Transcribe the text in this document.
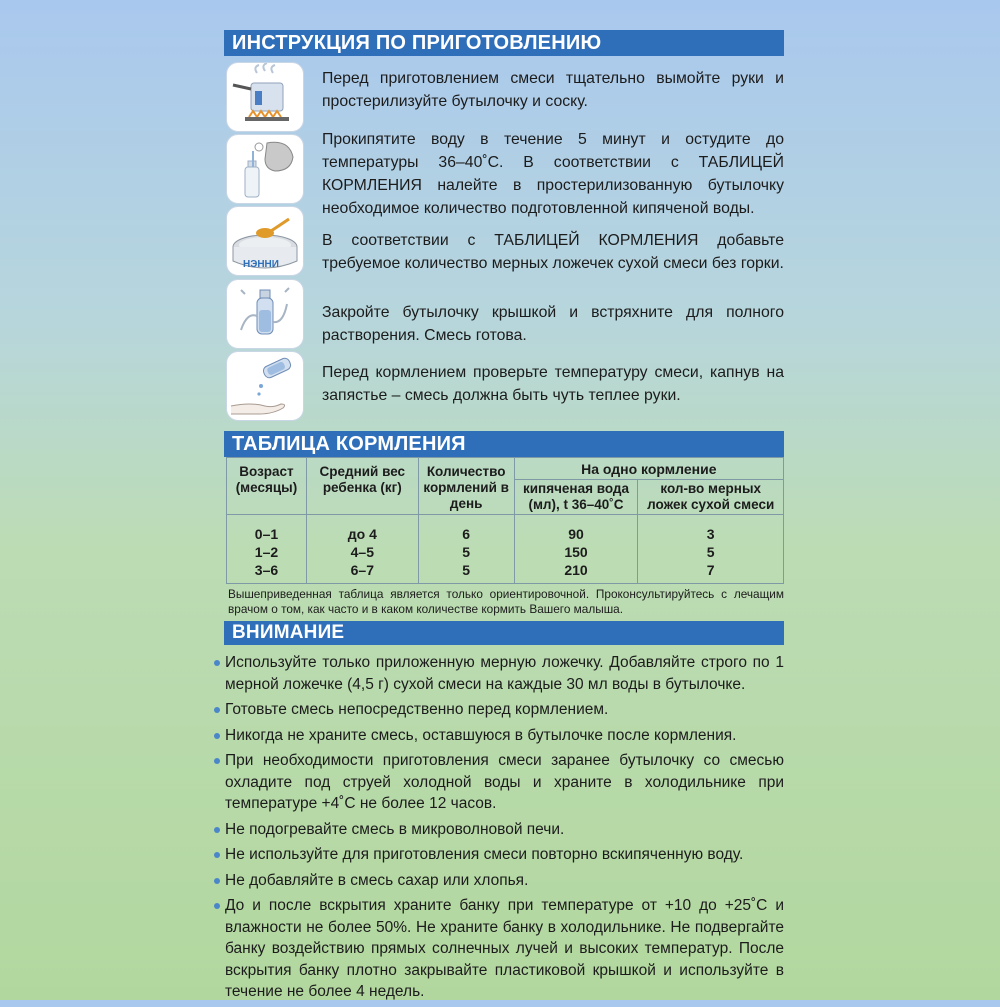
ИНСТРУКЦИЯ ПО ПРИГОТОВЛЕНИЮ
Перед приготовлением смеси тщательно вымойте руки и простерилизуйте бутылочку и соску.
Прокипятите воду в течение 5 минут и остудите до температуры 36–40˚С. В соответствии с ТАБЛИЦЕЙ КОРМЛЕНИЯ налейте в простерилизованную бутылочку необходимое количество подготовленной кипяченой воды.
НЭННИ
В соответствии с ТАБЛИЦЕЙ КОРМЛЕНИЯ добавьте требуемое количество мерных ложечек сухой смеси без горки.
Закройте бутылочку крышкой и встряхните для полного растворения. Смесь готова.
Перед кормлением проверьте температуру смеси, капнув на запястье – смесь должна быть чуть теплее руки.
ТАБЛИЦА КОРМЛЕНИЯ
Возраст (месяцы)	Средний вес ребенка (кг)	Количество кормлений в день	На одно кормление	
			кипяченая вода (мл), t 36–40˚С	кол-во мерных ложек сухой смеси
0–1	до 4	6	90	3
1–2	4–5	5	150	5
3–6	6–7	5	210	7
Вышеприведенная таблица является только ориентировочной. Проконсультируйтесь с лечащим врачом о том, как часто и в каком количестве кормить Вашего малыша.
ВНИМАНИЕ
Используйте только приложенную мерную ложечку. Добавляйте строго по 1 мерной ложечке (4,5 г) сухой смеси на каждые 30 мл воды в бутылочке.
Готовьте смесь непосредственно перед кормлением.
Никогда не храните смесь, оставшуюся в бутылочке после кормления.
При необходимости приготовления смеси заранее бутылочку со смесью охладите под струей холодной воды и храните в холодильнике при температуре +4˚С не более 12 часов.
Не подогревайте смесь в микроволновой печи.
Не используйте для приготовления смеси повторно вскипяченную воду.
Не добавляйте в смесь сахар или хлопья.
До и после вскрытия храните банку при температуре от +10 до +25˚С и влажности не более 50%. Не храните банку в холодильнике. Не подвергайте банку воздействию прямых солнечных лучей и высоких температур. После вскрытия банку плотно закрывайте пластиковой крышкой и используйте в течение не более 4 недель.
